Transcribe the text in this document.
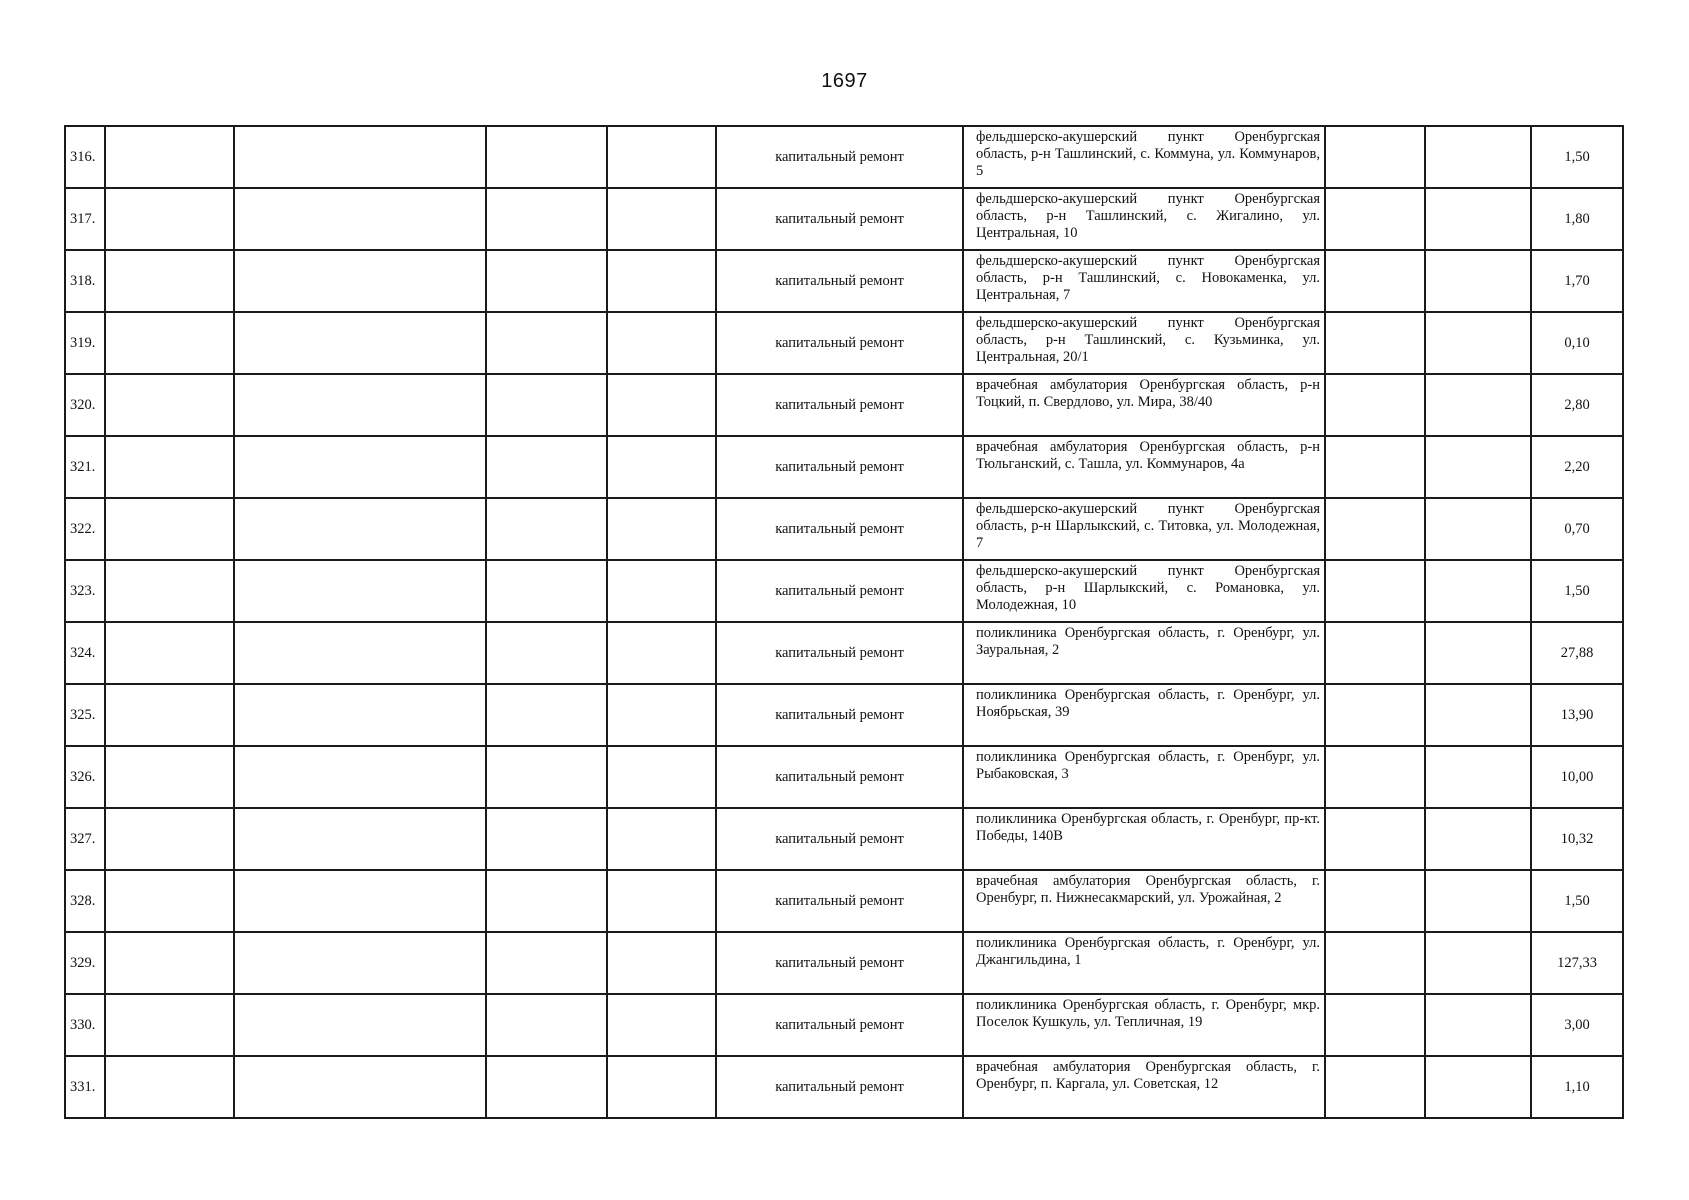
1697
316.					капитальный ремонт	фельдшерско-акушерский пункт Оренбургская область, р-н Ташлинский, с. Коммуна, ул. Коммунаров, 5			1,50
317.					капитальный ремонт	фельдшерско-акушерский пункт Оренбургская область, р-н Ташлинский, с. Жигалино, ул. Центральная, 10			1,80
318.					капитальный ремонт	фельдшерско-акушерский пункт Оренбургская область, р-н Ташлинский, с. Новокаменка, ул. Центральная, 7			1,70
319.					капитальный ремонт	фельдшерско-акушерский пункт Оренбургская область, р-н Ташлинский, с. Кузьминка, ул. Центральная, 20/1			0,10
320.					капитальный ремонт	врачебная амбулатория Оренбургская область, р-н Тоцкий, п. Свердлово, ул. Мира, 38/40			2,80
321.					капитальный ремонт	врачебная амбулатория Оренбургская область, р-н Тюльганский, с. Ташла, ул. Коммунаров, 4а			2,20
322.					капитальный ремонт	фельдшерско-акушерский пункт Оренбургская область, р-н Шарлыкский, с. Титовка, ул. Молодежная, 7			0,70
323.					капитальный ремонт	фельдшерско-акушерский пункт Оренбургская область, р-н Шарлыкский, с. Романовка, ул. Молодежная, 10			1,50
324.					капитальный ремонт	поликлиника Оренбургская область, г. Оренбург, ул. Зауральная, 2			27,88
325.					капитальный ремонт	поликлиника Оренбургская область, г. Оренбург, ул. Ноябрьская, 39			13,90
326.					капитальный ремонт	поликлиника Оренбургская область, г. Оренбург, ул. Рыбаковская, 3			10,00
327.					капитальный ремонт	поликлиника Оренбургская область, г. Оренбург, пр-кт. Победы, 140В			10,32
328.					капитальный ремонт	врачебная амбулатория Оренбургская область, г. Оренбург, п. Нижнесакмарский, ул. Урожайная, 2			1,50
329.					капитальный ремонт	поликлиника Оренбургская область, г. Оренбург, ул. Джангильдина, 1			127,33
330.					капитальный ремонт	поликлиника Оренбургская область, г. Оренбург, мкр. Поселок Кушкуль, ул. Тепличная, 19			3,00
331.					капитальный ремонт	врачебная амбулатория Оренбургская область, г. Оренбург, п. Каргала, ул. Советская, 12			1,10
